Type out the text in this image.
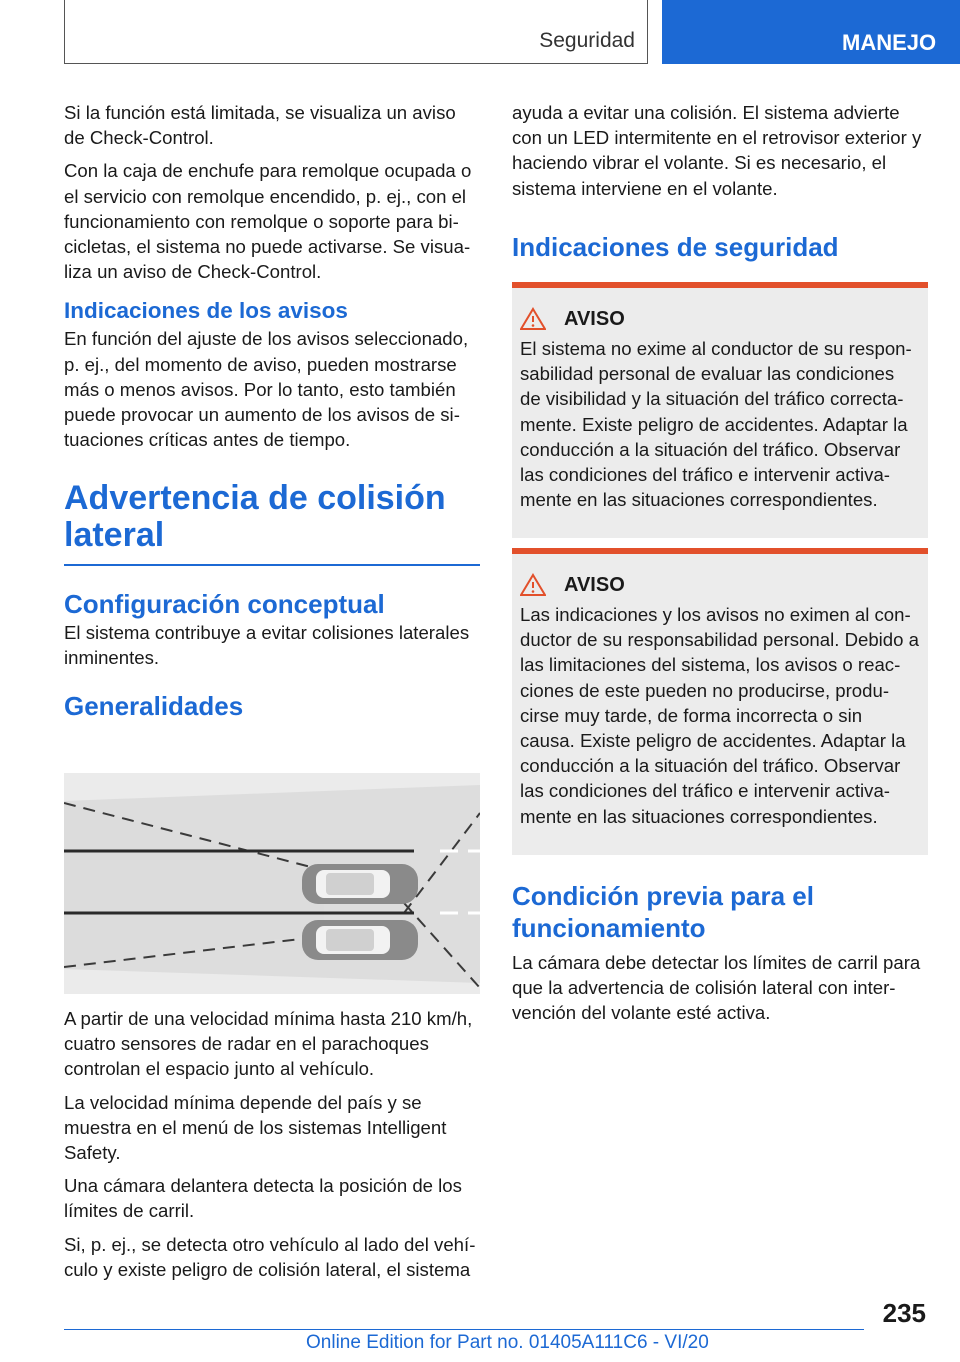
Seguridad	MANEJO

Si la función está limitada, se visualiza un aviso de Check-Control.

Con la caja de enchufe para remolque ocupada o el servicio con remolque encendido, p. ej., con el funcionamiento con remolque o soporte para bicicletas, el sistema no puede activarse. Se visualiza un aviso de Check-Control.

Indicaciones de los avisos

En función del ajuste de los avisos seleccionado, p. ej., del momento de aviso, pueden mostrarse más o menos avisos. Por lo tanto, esto también puede provocar un aumento de los avisos de situaciones críticas antes de tiempo.

Advertencia de colisión lateral
Configuración conceptual

El sistema contribuye a evitar colisiones laterales inminentes.

Generalidades

A partir de una velocidad mínima hasta 210 km/h, cuatro sensores de radar en el parachoques controlan el espacio junto al vehículo.

La velocidad mínima depende del país y se muestra en el menú de los sistemas Intelligent Safety.

Una cámara delantera detecta la posición de los límites de carril.

Si, p. ej., se detecta otro vehículo al lado del vehículo y existe peligro de colisión lateral, el sistema

ayuda a evitar una colisión. El sistema advierte con un LED intermitente en el retrovisor exterior y haciendo vibrar el volante. Si es necesario, el sistema interviene en el volante.

Indicaciones de seguridad
AVISO

El sistema no exime al conductor de su responsabilidad personal de evaluar las condiciones de visibilidad y la situación del tráfico correctamente. Existe peligro de accidentes. Adaptar la conducción a la situación del tráfico. Observar las condiciones del tráfico e intervenir activamente en las situaciones correspondientes.

AVISO

Las indicaciones y los avisos no eximen al conductor de su responsabilidad personal. Debido a las limitaciones del sistema, los avisos o reacciones de este pueden no producirse, producirse muy tarde, de forma incorrecta o sin causa. Existe peligro de accidentes. Adaptar la conducción a la situación del tráfico. Observar las condiciones del tráfico e intervenir activamente en las situaciones correspondientes.

Condición previa para el funcionamiento

La cámara debe detectar los límites de carril para que la advertencia de colisión lateral con intervención del volante esté activa.

235
Online Edition for Part no. 01405A111C6 - VI/20
